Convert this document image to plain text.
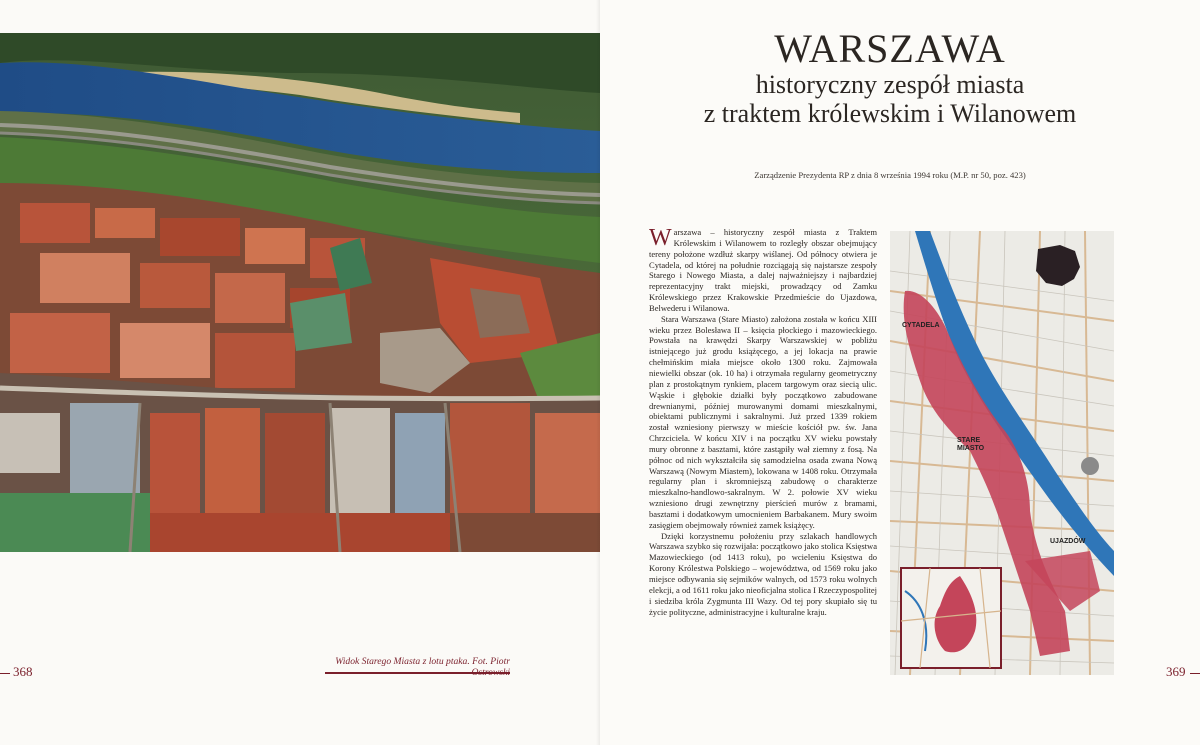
368
Widok Starego Miasta z lotu ptaka. Fot. Piotr
WARSZAWA
historyczny zespół miasta
z traktem królewskim i Wilanowem
Zarządzenie Prezydenta RP z dnia 8 września 1994 roku (M.P. nr 50, poz. 423)

Warszawa – historyczny zespół miasta z Traktem Królewskim i Wilanowem to rozległy obszar obejmujący tereny położone wzdłuż skarpy wiślanej. Od północy otwiera je Cytadela, od której na południe rozciągają się najstarsze zespoły Starego i Nowego Miasta, a dalej najważniejszy i najbardziej reprezentacyjny trakt miejski, prowadzący od Zamku Królewskiego przez Krakowskie Przedmieście do Ujazdowa, Belwederu i Wilanowa.

Stara Warszawa (Stare Miasto) założona została w końcu XIII wieku przez Bolesława II – księcia płockiego i mazowieckiego. Powstała na krawędzi Skarpy Warszawskiej w pobliżu istniejącego już grodu książęcego, a jej lokacja na prawie chełmińskim miała miejsce około 1300 roku. Zajmowała niewielki obszar (ok. 10 ha) i otrzymała regularny geometryczny plan z prostokątnym rynkiem, placem targowym oraz siecią ulic. Wąskie i głębokie działki były początkowo zabudowane drewnianymi, później murowanymi domami mieszkalnymi, obiektami publicznymi i sakralnymi. Już przed 1339 rokiem został wzniesiony pierwszy w mieście kościół pw. św. Jana Chrzciciela. W końcu XIV i na początku XV wieku powstały mury obronne z basztami, które zastąpiły wał ziemny z fosą. Na północ od nich wykształciła się samodzielna osada zwana Nową Warszawą (Nowym Miastem), lokowana w 1408 roku. Otrzymała regularny plan i skromniejszą zabudowę o charakterze mieszkalno-handlowo-sakralnym. W 2. połowie XV wieku wzniesiono drugi zewnętrzny pierścień murów z bramami, basztami i dodatkowym umocnieniem Barbakanem. Mury swoim zasięgiem obejmowały również zamek książęcy.

Dzięki korzystnemu położeniu przy szlakach handlowych Warszawa szybko się rozwijała: początkowo jako stolica Księstwa Mazowieckiego (od 1413 roku), po wcieleniu Księstwa do Korony Królestwa Polskiego – województwa, od 1569 roku jako miejsce odbywania się sejmików walnych, od 1573 roku wolnych elekcji, a od 1611 roku jako nieoficjalna stolica I Rzeczypospolitej i siedziba króla Zygmunta III Wazy. Od tej pory skupiało się tu życie polityczne, administracyjne i kulturalne kraju.

CYTADELA
STARE
MIASTO
UJAZDÓW
369
